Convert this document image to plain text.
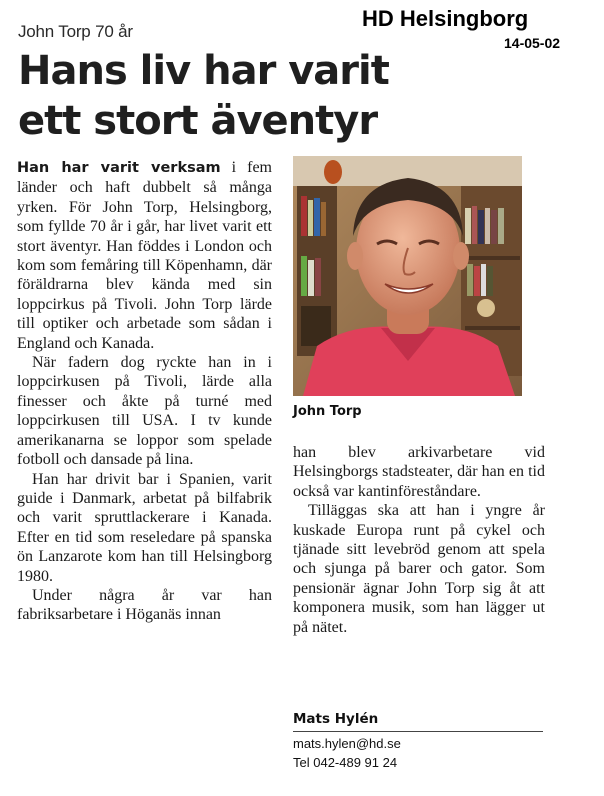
HD Helsingborg
14-05-02
John Torp 70 år
Hans liv har varit ett stort äventyr

Han har varit verksam i fem länder och haft dubbelt så många yrken. För John Torp, Helsingborg, som fyllde 70 år i går, har livet varit ett stort äventyr. Han föddes i London och kom som femåring till Köpenhamn, där föräldrarna blev kända med sin loppcirkus på Tivoli. John Torp lärde till optiker och arbetade som sådan i England och Kanada.

När fadern dog ryckte han in i loppcirkusen på Tivoli, lärde alla finesser och åkte på turné med loppcirkusen till USA. I tv kunde amerikanarna se loppor som spelade fotboll och dansade på lina.

Han har drivit bar i Spanien, varit guide i Danmark, arbetat på bilfabrik och varit spruttlackerare i Kanada. Efter en tid som reseledare på spanska ön Lanzarote kom han till Helsingborg 1980.

Under några år var han fabriksarbetare i Höganäs innan

John Torp

han blev arkivarbetare vid Helsingborgs stadsteater, där han en tid också var kantinföreståndare.

Tilläggas ska att han i yngre år kuskade Europa runt på cykel och tjänade sitt levebröd genom att spela och sjunga på barer och gator. Som pensionär ägnar John Torp sig åt att komponera musik, som han lägger ut på nätet.

Mats Hylén
mats.hylen@hd.se
Tel 042-489 91 24
